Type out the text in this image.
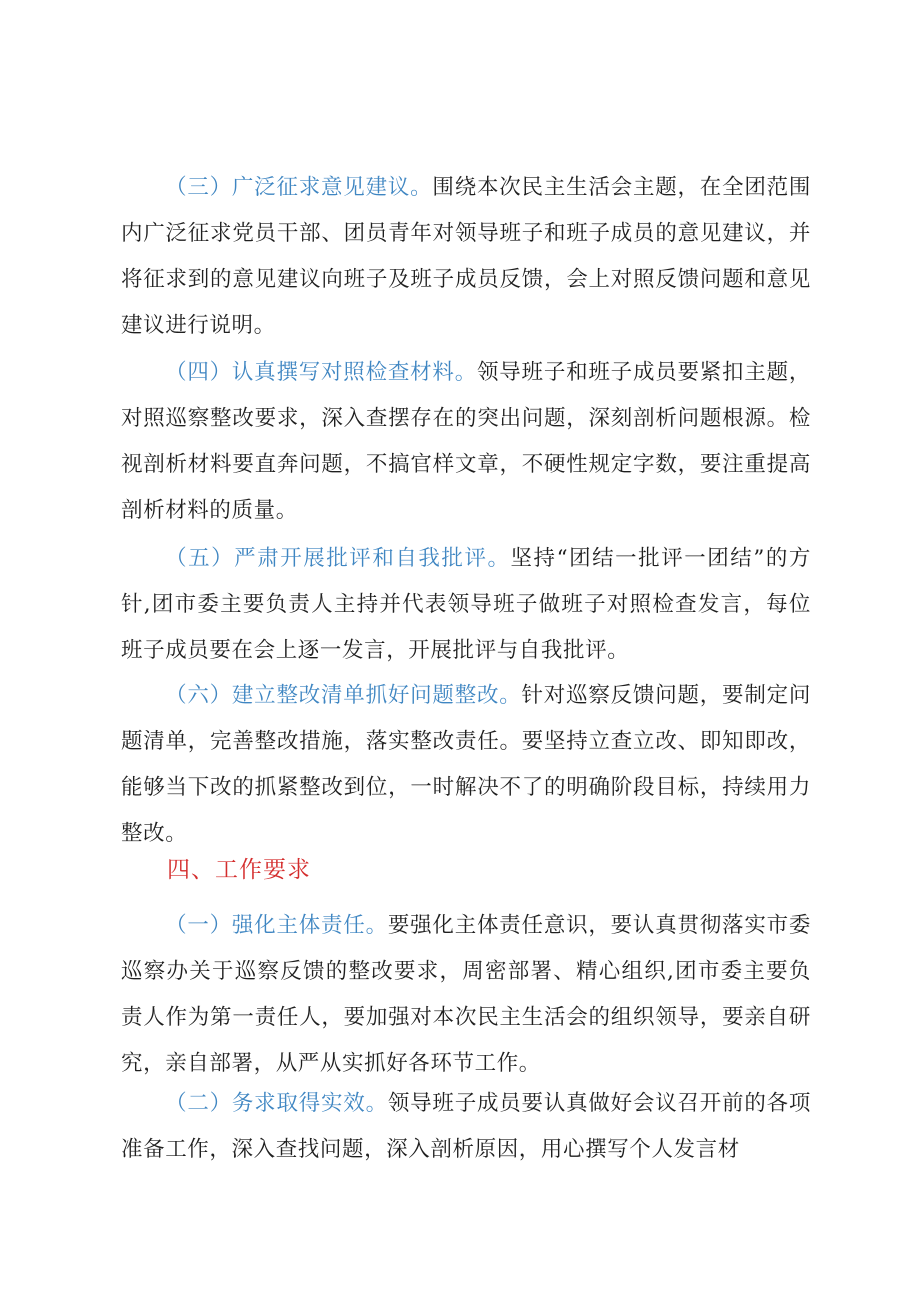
（三）广泛征求意见建议。围绕本次民主生活会主题，在全团范围内广泛征求党员干部、团员青年对领导班子和班子成员的意见建议，并将征求到的意见建议向班子及班子成员反馈，会上对照反馈问题和意见建议进行说明。

（四）认真撰写对照检查材料。领导班子和班子成员要紧扣主题，对照巡察整改要求，深入查摆存在的突出问题，深刻剖析问题根源。检视剖析材料要直奔问题，不搞官样文章，不硬性规定字数，要注重提高剖析材料的质量。

（五）严肃开展批评和自我批评。坚持“团结一批评一团结”的方针,团市委主要负责人主持并代表领导班子做班子对照检查发言，每位班子成员要在会上逐一发言，开展批评与自我批评。

（六）建立整改清单抓好问题整改。针对巡察反馈问题，要制定问题清单，完善整改措施，落实整改责任。要坚持立查立改、即知即改，能够当下改的抓紧整改到位，一时解决不了的明确阶段目标，持续用力整改。

四、工作要求

（一）强化主体责任。要强化主体责任意识，要认真贯彻落实市委巡察办关于巡察反馈的整改要求，周密部署、精心组织,团市委主要负责人作为第一责任人，要加强对本次民主生活会的组织领导，要亲自研究，亲自部署，从严从实抓好各环节工作。

（二）务求取得实效。领导班子成员要认真做好会议召开前的各项准备工作，深入查找问题，深入剖析原因，用心撰写个人发言材
